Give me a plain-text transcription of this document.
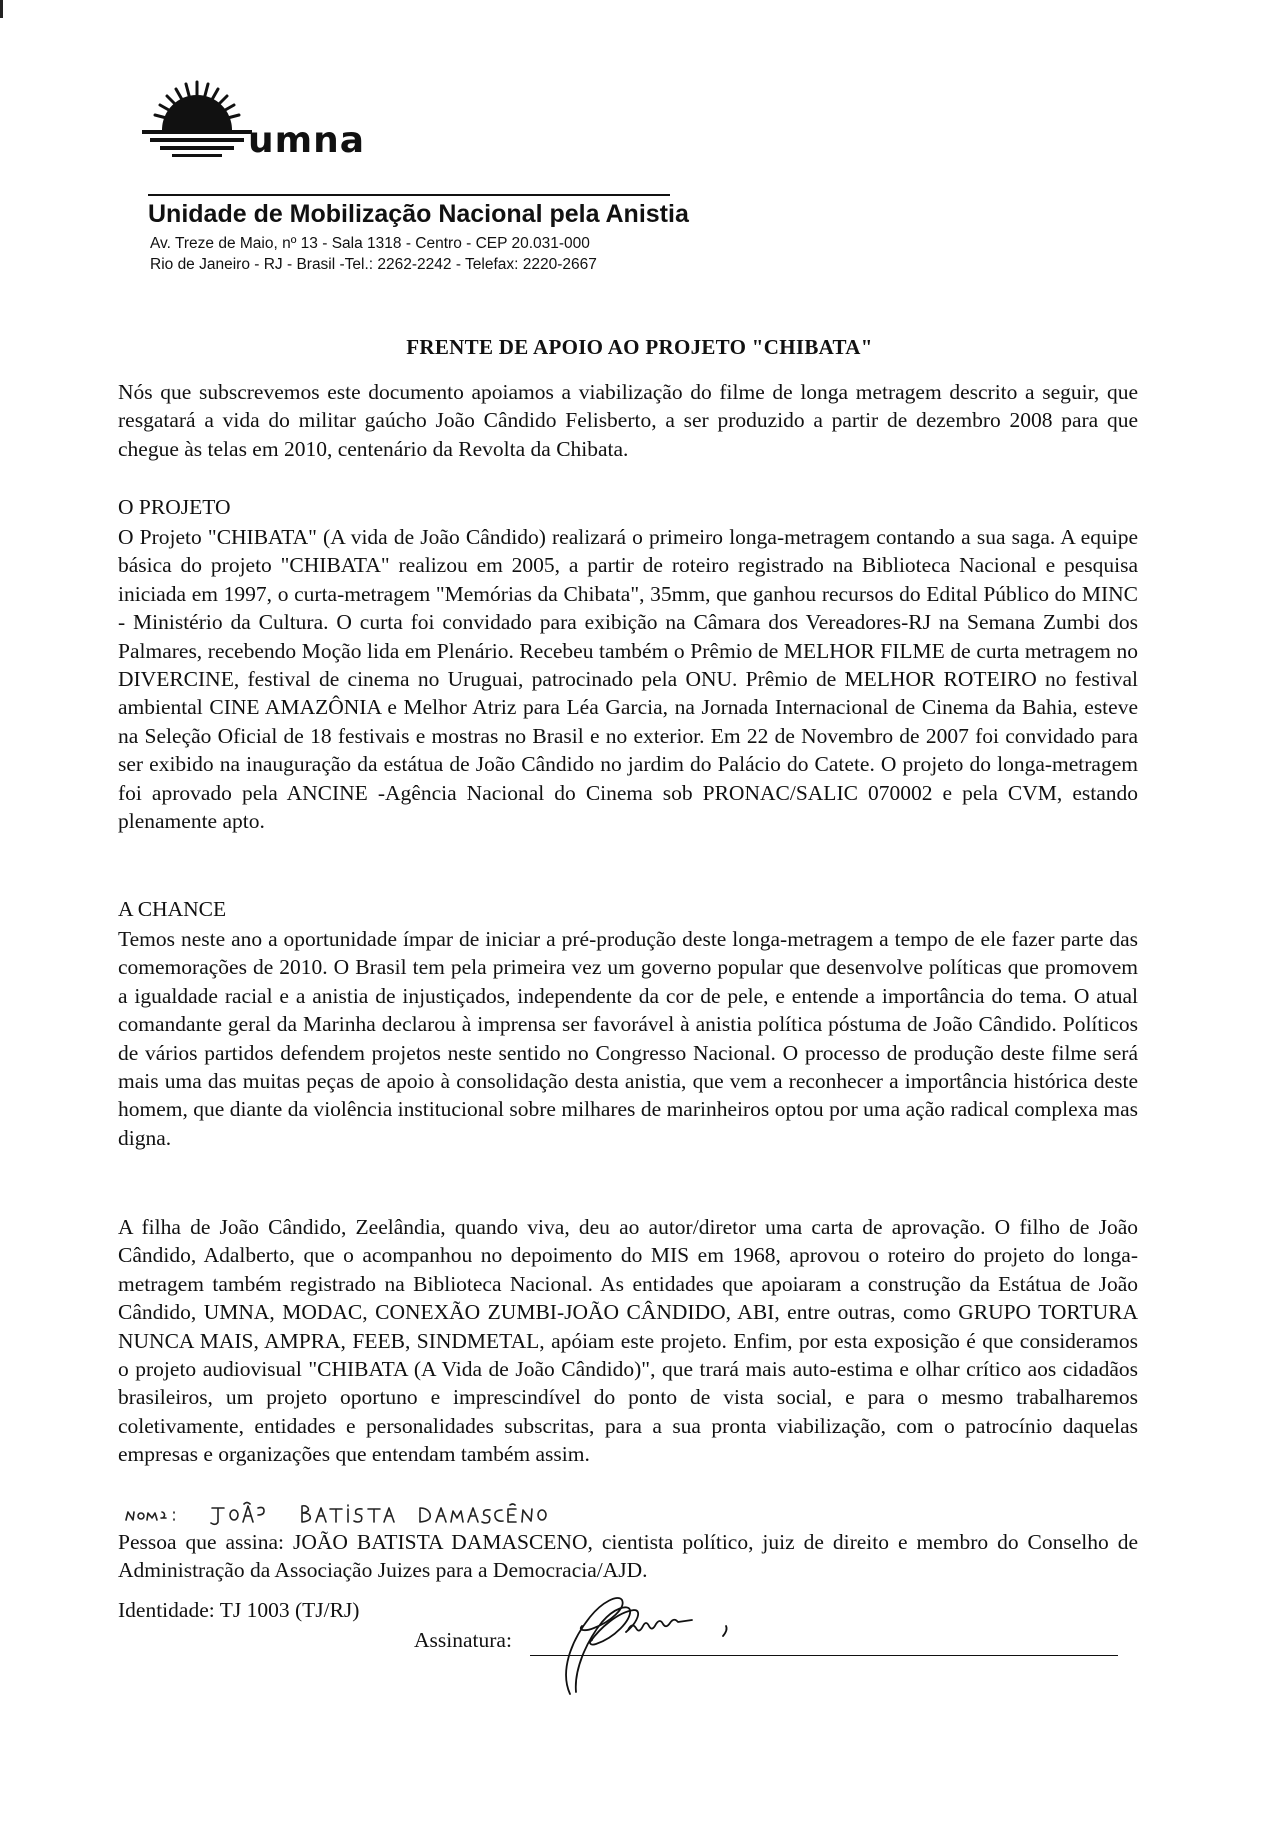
umna
Unidade de Mobilização Nacional pela Anistia
Av. Treze de Maio, nº 13 - Sala 1318 - Centro - CEP 20.031-000
Rio de Janeiro - RJ - Brasil -Tel.: 2262-2242 - Telefax: 2220-2667
FRENTE DE APOIO AO PROJETO "CHIBATA"

Nós que subscrevemos este documento apoiamos a viabilização do filme de longa metragem descrito a seguir, que resgatará a vida do militar gaúcho João Cândido Felisberto, a ser produzido a partir de dezembro 2008 para que chegue às telas em 2010, centenário da Revolta da Chibata.

O PROJETO

O Projeto "CHIBATA" (A vida de João Cândido) realizará o primeiro longa-metragem contando a sua saga. A equipe básica do projeto "CHIBATA" realizou em 2005, a partir de roteiro registrado na Biblioteca Nacional e pesquisa iniciada em 1997, o curta-metragem "Memórias da Chibata", 35mm, que ganhou recursos do Edital Público do MINC - Ministério da Cultura. O curta foi convidado para exibição na Câmara dos Vereadores-RJ na Semana Zumbi dos Palmares, recebendo Moção lida em Plenário. Recebeu também o Prêmio de MELHOR FILME de curta metragem no DIVERCINE, festival de cinema no Uruguai, patrocinado pela ONU. Prêmio de MELHOR ROTEIRO no festival ambiental CINE AMAZÔNIA e Melhor Atriz para Léa Garcia, na Jornada Internacional de Cinema da Bahia, esteve na Seleção Oficial de 18 festivais e mostras no Brasil e no exterior. Em 22 de Novembro de 2007 foi convidado para ser exibido na inauguração da estátua de João Cândido no jardim do Palácio do Catete. O projeto do longa-metragem foi aprovado pela ANCINE -Agência Nacional do Cinema sob PRONAC/SALIC 070002 e pela CVM, estando plenamente apto.

A CHANCE

Temos neste ano a oportunidade ímpar de iniciar a pré-produção deste longa-metragem a tempo de ele fazer parte das comemorações de 2010. O Brasil tem pela primeira vez um governo popular que desenvolve políticas que promovem a igualdade racial e a anistia de injustiçados, independente da cor de pele, e entende a importância do tema. O atual comandante geral da Marinha declarou à imprensa ser favorável à anistia política póstuma de João Cândido. Políticos de vários partidos defendem projetos neste sentido no Congresso Nacional. O processo de produção deste filme será mais uma das muitas peças de apoio à consolidação desta anistia, que vem a reconhecer a importância histórica deste homem, que diante da violência institucional sobre milhares de marinheiros optou por uma ação radical complexa mas digna.

A filha de João Cândido, Zeelândia, quando viva, deu ao autor/diretor uma carta de aprovação. O filho de João Cândido, Adalberto, que o acompanhou no depoimento do MIS em 1968, aprovou o roteiro do projeto do longa-metragem também registrado na Biblioteca Nacional. As entidades que apoiaram a construção da Estátua de João Cândido, UMNA, MODAC, CONEXÃO ZUMBI-JOÃO CÂNDIDO, ABI, entre outras, como GRUPO TORTURA NUNCA MAIS, AMPRA, FEEB, SINDMETAL, apóiam este projeto. Enfim, por esta exposição é que consideramos o projeto audiovisual "CHIBATA (A Vida de João Cândido)", que trará mais auto-estima e olhar crítico aos cidadãos brasileiros, um projeto oportuno e imprescindível do ponto de vista social, e para o mesmo trabalharemos coletivamente, entidades e personalidades subscritas, para a sua pronta viabilização, com o patrocínio daquelas empresas e organizações que entendam também assim.

Pessoa que assina: JOÃO BATISTA DAMASCENO, cientista político, juiz de direito e membro do Conselho de Administração da Associação Juizes para a Democracia/AJD.

Identidade: TJ 1003 (TJ/RJ)

Assinatura:
